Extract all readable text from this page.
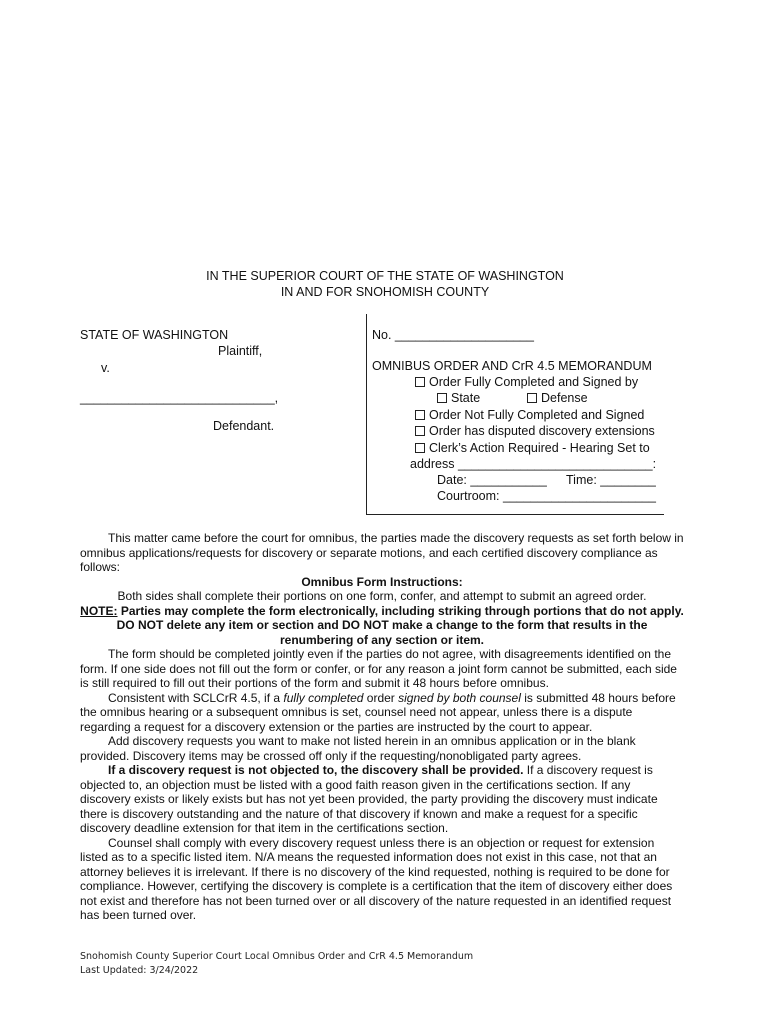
IN THE SUPERIOR COURT OF THE STATE OF WASHINGTON
IN AND FOR SNOHOMISH COUNTY
STATE OF WASHINGTON
Plaintiff,
v.
____________________________,
Defendant.
No. ____________________
OMNIBUS ORDER AND CrR 4.5 MEMORANDUM
Order Fully Completed and Signed by
State	Defense
Order Not Fully Completed and Signed
Order has disputed discovery extensions
Clerk’s Action Required - Hearing Set to
address ____________________________:
Date: ___________ Time: ________
Courtroom: ______________________

This matter came before the court for omnibus, the parties made the discovery requests as set forth below in omnibus applications/requests for discovery or separate motions, and each certified discovery compliance as follows:

Omnibus Form Instructions:

Both sides shall complete their portions on one form, confer, and attempt to submit an agreed order.

NOTE: Parties may complete the form electronically, including striking through portions that do not apply. DO NOT delete any item or section and DO NOT make a change to the form that results in the renumbering of any section or item.

The form should be completed jointly even if the parties do not agree, with disagreements identified on the form. If one side does not fill out the form or confer, or for any reason a joint form cannot be submitted, each side is still required to fill out their portions of the form and submit it 48 hours before omnibus.

Consistent with SCLCrR 4.5, if a fully completed order signed by both counsel is submitted 48 hours before the omnibus hearing or a subsequent omnibus is set, counsel need not appear, unless there is a dispute regarding a request for a discovery extension or the parties are instructed by the court to appear.

Add discovery requests you want to make not listed herein in an omnibus application or in the blank provided. Discovery items may be crossed off only if the requesting/nonobligated party agrees.

If a discovery request is not objected to, the discovery shall be provided. If a discovery request is objected to, an objection must be listed with a good faith reason given in the certifications section. If any discovery exists or likely exists but has not yet been provided, the party providing the discovery must indicate there is discovery outstanding and the nature of that discovery if known and make a request for a specific discovery deadline extension for that item in the certifications section.

Counsel shall comply with every discovery request unless there is an objection or request for extension listed as to a specific listed item. N/A means the requested information does not exist in this case, not that an attorney believes it is irrelevant. If there is no discovery of the kind requested, nothing is required to be done for compliance. However, certifying the discovery is complete is a certification that the item of discovery either does not exist and therefore has not been turned over or all discovery of the nature requested in an identified request has been turned over.

Snohomish County Superior Court Local Omnibus Order and CrR 4.5 Memorandum
Last Updated: 3/24/2022
